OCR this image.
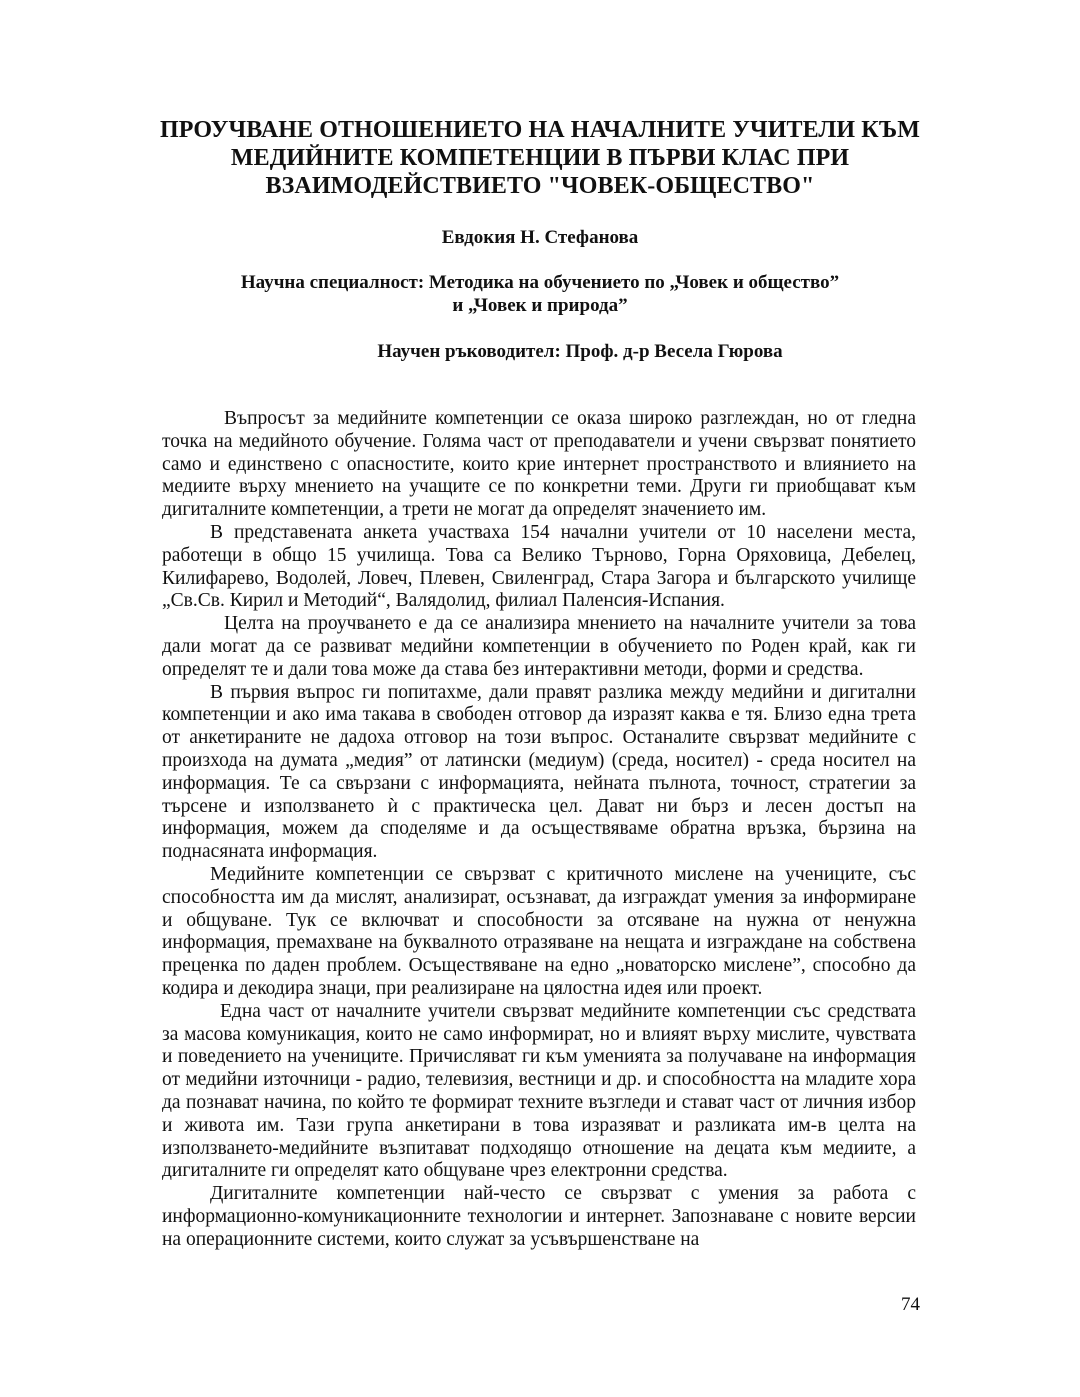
ПРОУЧВАНЕ ОТНОШЕНИЕТО НА НАЧАЛНИТЕ УЧИТЕЛИ КЪМ
МЕДИЙНИТЕ КОМПЕТЕНЦИИ В ПЪРВИ КЛАС ПРИ
ВЗАИМОДЕЙСТВИЕТО "ЧОВЕК-ОБЩЕСТВО"

Евдокия Н. Стефанова

Научна специалност: Методика на обучението по „Човек и общество”
и „Човек и природа”

Научен ръководител: Проф. д-р Весела Гюрова

Въпросът за медийните компетенции се оказа широко разглеждан, но от гледна точка на медийното обучение. Голяма част от преподаватели и учени свързват понятието само и единствено с опасностите, които крие интернет пространството и влиянието на медиите върху мнението на учащите се по конкретни теми. Други ги приобщават към дигиталните компетенции, а трети не могат да определят значението им.

В представената анкета участваха 154 начални учители от 10 населени места, работещи в общо 15 училища. Това са Велико Търново, Горна Оряховица, Дебелец, Килифарево, Водолей, Ловеч, Плевен, Свиленград, Стара Загора и българското училище „Св.Св. Кирил и Методий“, Валядолид, филиал Паленсия-Испания.

Целта на проучването е да се анализира мнението на началните учители за това дали могат да се развиват медийни компетенции в обучението по Роден край, как ги определят те и дали това може да става без интерактивни методи, форми и средства.

В първия въпрос ги попитахме, дали правят разлика между медийни и дигитални компетенции и ако има такава в свободен отговор да изразят каква е тя. Близо една трета от анкетираните не дадоха отговор на този въпрос. Останалите свързват медийните с произхода на думата „медия” от латински (медиум) (среда, носител) - среда носител на информация. Те са свързани с информацията, нейната пълнота, точност, стратегии за търсене и използването ѝ с практическа цел. Дават ни бърз и лесен достъп на информация, можем да споделяме и да осъществяваме обратна връзка, бързина на поднасяната информация.

Медийните компетенции се свързват с критичното мислене на учениците, със способността им да мислят, анализират, осъзнават, да изграждат умения за информиране и общуване. Тук се включват и способности за отсяване на нужна от ненужна информация, премахване на буквалното отразяване на нещата и изграждане на собствена преценка по даден проблем. Осъществяване на едно „новаторско мислене”, способно да кодира и декодира знаци, при реализиране на цялостна идея или проект.

Една част от началните учители свързват медийните компетенции със средствата за масова комуникация, които не само информират, но и влияят върху мислите, чувствата и поведението на учениците. Причисляват ги към уменията за получаване на информация от медийни източници - радио, телевизия, вестници и др. и способността на младите хора да познават начина, по който те формират техните възгледи и стават част от личния избор и живота им. Тази група анкетирани в това изразяват и разликата им-в целта на използването-медийните възпитават подходящо отношение на децата към медиите, а дигиталните ги определят като общуване чрез електронни средства.

Дигиталните компетенции най-често се свързват с умения за работа с информационно-комуникационните технологии и интернет. Запознаване с новите версии на операционните системи, които служат за усъвършенстване на

74
